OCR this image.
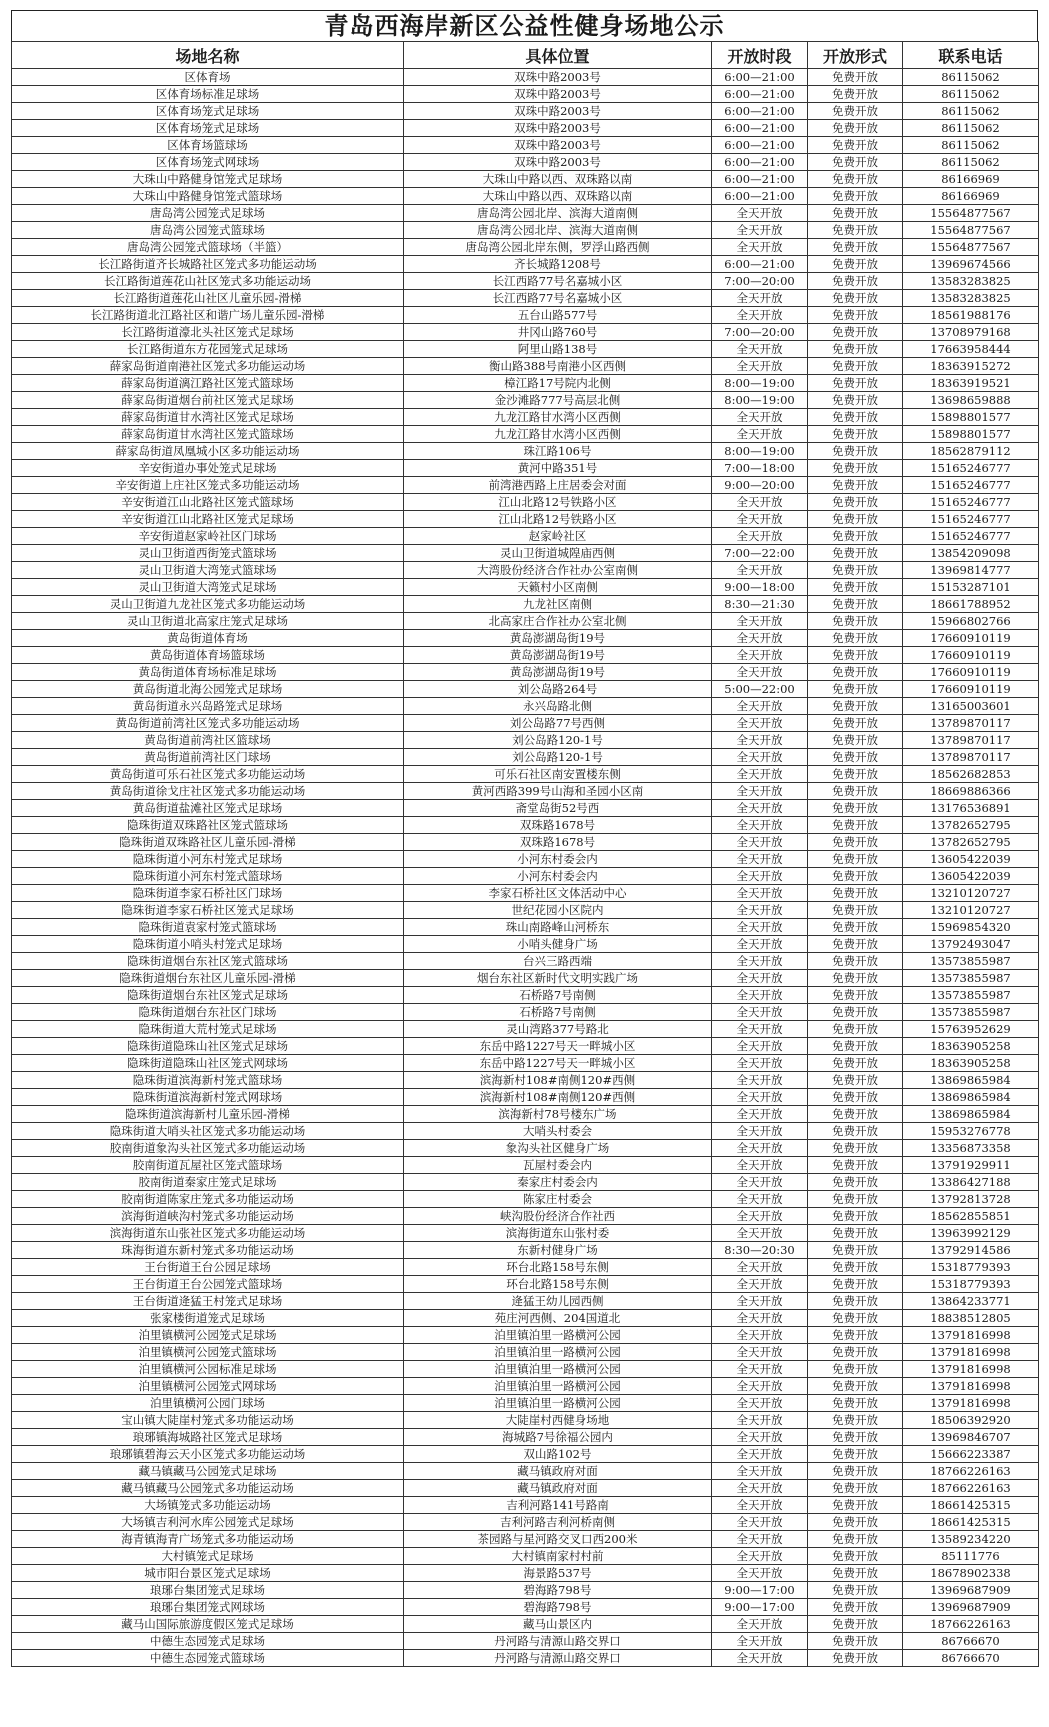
青岛西海岸新区公益性健身场地公示
场地名称	具体位置	开放时段	开放形式	联系电话
区体育场	双珠中路2003号	6:00—21:00	免费开放	86115062
区体育场标准足球场	双珠中路2003号	6:00—21:00	免费开放	86115062
区体育场笼式足球场	双珠中路2003号	6:00—21:00	免费开放	86115062
区体育场笼式足球场	双珠中路2003号	6:00—21:00	免费开放	86115062
区体育场篮球场	双珠中路2003号	6:00—21:00	免费开放	86115062
区体育场笼式网球场	双珠中路2003号	6:00—21:00	免费开放	86115062
大珠山中路健身馆笼式足球场	大珠山中路以西、双珠路以南	6:00—21:00	免费开放	86166969
大珠山中路健身馆笼式篮球场	大珠山中路以西、双珠路以南	6:00—21:00	免费开放	86166969
唐岛湾公园笼式足球场	唐岛湾公园北岸、滨海大道南侧	全天开放	免费开放	15564877567
唐岛湾公园笼式篮球场	唐岛湾公园北岸、滨海大道南侧	全天开放	免费开放	15564877567
唐岛湾公园笼式篮球场（半篮）	唐岛湾公园北岸东侧，罗浮山路西侧	全天开放	免费开放	15564877567
长江路街道齐长城路社区笼式多功能运动场	齐长城路1208号	6:00—21:00	免费开放	13969674566
长江路街道莲花山社区笼式多功能运动场	长江西路77号名嘉城小区	7:00—20:00	免费开放	13583283825
长江路街道莲花山社区儿童乐园-滑梯	长江西路77号名嘉城小区	全天开放	免费开放	13583283825
长江路街道北江路社区和谐广场儿童乐园-滑梯	五台山路577号	全天开放	免费开放	18561988176
长江路街道濠北头社区笼式足球场	井冈山路760号	7:00—20:00	免费开放	13708979168
长江路街道东方花园笼式足球场	阿里山路138号	全天开放	免费开放	17663958444
薛家岛街道南港社区笼式多功能运动场	衡山路388号南港小区西侧	全天开放	免费开放	18363915272
薛家岛街道漓江路社区笼式篮球场	樟江路17号院内北侧	8:00—19:00	免费开放	18363919521
薛家岛街道烟台前社区笼式足球场	金沙滩路777号高层北侧	8:00—19:00	免费开放	13698659888
薛家岛街道甘水湾社区笼式足球场	九龙江路甘水湾小区西侧	全天开放	免费开放	15898801577
薛家岛街道甘水湾社区笼式篮球场	九龙江路甘水湾小区西侧	全天开放	免费开放	15898801577
薛家岛街道凤凰城小区多功能运动场	珠江路106号	8:00—19:00	免费开放	18562879112
辛安街道办事处笼式足球场	黄河中路351号	7:00—18:00	免费开放	15165246777
辛安街道上庄社区笼式多功能运动场	前湾港西路上庄居委会对面	9:00—20:00	免费开放	15165246777
辛安街道江山北路社区笼式篮球场	江山北路12号铁路小区	全天开放	免费开放	15165246777
辛安街道江山北路社区笼式足球场	江山北路12号铁路小区	全天开放	免费开放	15165246777
辛安街道赵家岭社区门球场	赵家岭社区	全天开放	免费开放	15165246777
灵山卫街道西街笼式篮球场	灵山卫街道城隍庙西侧	7:00—22:00	免费开放	13854209098
灵山卫街道大湾笼式篮球场	大湾股份经济合作社办公室南侧	全天开放	免费开放	13969814777
灵山卫街道大湾笼式足球场	天籁村小区南侧	9:00—18:00	免费开放	15153287101
灵山卫街道九龙社区笼式多功能运动场	九龙社区南侧	8:30—21:30	免费开放	18661788952
灵山卫街道北高家庄笼式足球场	北高家庄合作社办公室北侧	全天开放	免费开放	15966802766
黄岛街道体育场	黄岛澎湖岛街19号	全天开放	免费开放	17660910119
黄岛街道体育场篮球场	黄岛澎湖岛街19号	全天开放	免费开放	17660910119
黄岛街道体育场标准足球场	黄岛澎湖岛街19号	全天开放	免费开放	17660910119
黄岛街道北海公园笼式足球场	刘公岛路264号	5:00—22:00	免费开放	17660910119
黄岛街道永兴岛路笼式足球场	永兴岛路北侧	全天开放	免费开放	13165003601
黄岛街道前湾社区笼式多功能运动场	刘公岛路77号西侧	全天开放	免费开放	13789870117
黄岛街道前湾社区篮球场	刘公岛路120-1号	全天开放	免费开放	13789870117
黄岛街道前湾社区门球场	刘公岛路120-1号	全天开放	免费开放	13789870117
黄岛街道可乐石社区笼式多功能运动场	可乐石社区南安置楼东侧	全天开放	免费开放	18562682853
黄岛街道徐戈庄社区笼式多功能运动场	黄河西路399号山海和圣园小区南	全天开放	免费开放	18669886366
黄岛街道盐滩社区笼式足球场	斋堂岛街52号西	全天开放	免费开放	13176536891
隐珠街道双珠路社区笼式篮球场	双珠路1678号	全天开放	免费开放	13782652795
隐珠街道双珠路社区儿童乐园-滑梯	双珠路1678号	全天开放	免费开放	13782652795
隐珠街道小河东村笼式足球场	小河东村委会内	全天开放	免费开放	13605422039
隐珠街道小河东村笼式篮球场	小河东村委会内	全天开放	免费开放	13605422039
隐珠街道李家石桥社区门球场	李家石桥社区文体活动中心	全天开放	免费开放	13210120727
隐珠街道李家石桥社区笼式足球场	世纪花园小区院内	全天开放	免费开放	13210120727
隐珠街道袁家村笼式篮球场	珠山南路峰山河桥东	全天开放	免费开放	15969854320
隐珠街道小哨头村笼式足球场	小哨头健身广场	全天开放	免费开放	13792493047
隐珠街道烟台东社区笼式篮球场	台兴三路西端	全天开放	免费开放	13573855987
隐珠街道烟台东社区儿童乐园-滑梯	烟台东社区新时代文明实践广场	全天开放	免费开放	13573855987
隐珠街道烟台东社区笼式足球场	石桥路7号南侧	全天开放	免费开放	13573855987
隐珠街道烟台东社区门球场	石桥路7号南侧	全天开放	免费开放	13573855987
隐珠街道大荒村笼式足球场	灵山湾路377号路北	全天开放	免费开放	15763952629
隐珠街道隐珠山社区笼式足球场	东岳中路1227号天一畔城小区	全天开放	免费开放	18363905258
隐珠街道隐珠山社区笼式网球场	东岳中路1227号天一畔城小区	全天开放	免费开放	18363905258
隐珠街道滨海新村笼式篮球场	滨海新村108#南侧120#西侧	全天开放	免费开放	13869865984
隐珠街道滨海新村笼式网球场	滨海新村108#南侧120#西侧	全天开放	免费开放	13869865984
隐珠街道滨海新村儿童乐园-滑梯	滨海新村78号楼东广场	全天开放	免费开放	13869865984
隐珠街道大哨头社区笼式多功能运动场	大哨头村委会	全天开放	免费开放	15953276778
胶南街道象沟头社区笼式多功能运动场	象沟头社区健身广场	全天开放	免费开放	13356873358
胶南街道瓦屋社区笼式篮球场	瓦屋村委会内	全天开放	免费开放	13791929911
胶南街道秦家庄笼式足球场	秦家庄村委会内	全天开放	免费开放	13386427188
胶南街道陈家庄笼式多功能运动场	陈家庄村委会	全天开放	免费开放	13792813728
滨海街道峡沟村笼式多功能运动场	峡沟股份经济合作社西	全天开放	免费开放	18562855851
滨海街道东山张社区笼式多功能运动场	滨海街道东山张村委	全天开放	免费开放	13963992129
珠海街道东新村笼式多功能运动场	东新村健身广场	8:30—20:30	免费开放	13792914586
王台街道王台公园足球场	环台北路158号东侧	全天开放	免费开放	15318779393
王台街道王台公园笼式篮球场	环台北路158号东侧	全天开放	免费开放	15318779393
王台街道逄猛王村笼式足球场	逄猛王幼儿园西侧	全天开放	免费开放	13864233771
张家楼街道笼式足球场	苑庄河西侧、204国道北	全天开放	免费开放	18838512805
泊里镇横河公园笼式足球场	泊里镇泊里一路横河公园	全天开放	免费开放	13791816998
泊里镇横河公园笼式篮球场	泊里镇泊里一路横河公园	全天开放	免费开放	13791816998
泊里镇横河公园标准足球场	泊里镇泊里一路横河公园	全天开放	免费开放	13791816998
泊里镇横河公园笼式网球场	泊里镇泊里一路横河公园	全天开放	免费开放	13791816998
泊里镇横河公园门球场	泊里镇泊里一路横河公园	全天开放	免费开放	13791816998
宝山镇大陡崖村笼式多功能运动场	大陡崖村西健身场地	全天开放	免费开放	18506392920
琅琊镇海城路社区笼式足球场	海城路7号徐福公园内	全天开放	免费开放	13969846707
琅琊镇碧海云天小区笼式多功能运动场	双山路102号	全天开放	免费开放	15666223387
藏马镇藏马公园笼式足球场	藏马镇政府对面	全天开放	免费开放	18766226163
藏马镇藏马公园笼式多功能运动场	藏马镇政府对面	全天开放	免费开放	18766226163
大场镇笼式多功能运动场	吉利河路141号路南	全天开放	免费开放	18661425315
大场镇吉利河水库公园笼式足球场	吉利河路吉利河桥南侧	全天开放	免费开放	18661425315
海青镇海青广场笼式多功能运动场	茶园路与星河路交叉口西200米	全天开放	免费开放	13589234220
大村镇笼式足球场	大村镇南家村村前	全天开放	免费开放	85111776
城市阳台景区笼式足球场	海景路537号	全天开放	免费开放	18678902338
琅琊台集团笼式足球场	碧海路798号	9:00—17:00	免费开放	13969687909
琅琊台集团笼式网球场	碧海路798号	9:00—17:00	免费开放	13969687909
藏马山国际旅游度假区笼式足球场	藏马山景区内	全天开放	免费开放	18766226163
中德生态园笼式足球场	丹河路与清源山路交界口	全天开放	免费开放	86766670
中德生态园笼式篮球场	丹河路与清源山路交界口	全天开放	免费开放	86766670
